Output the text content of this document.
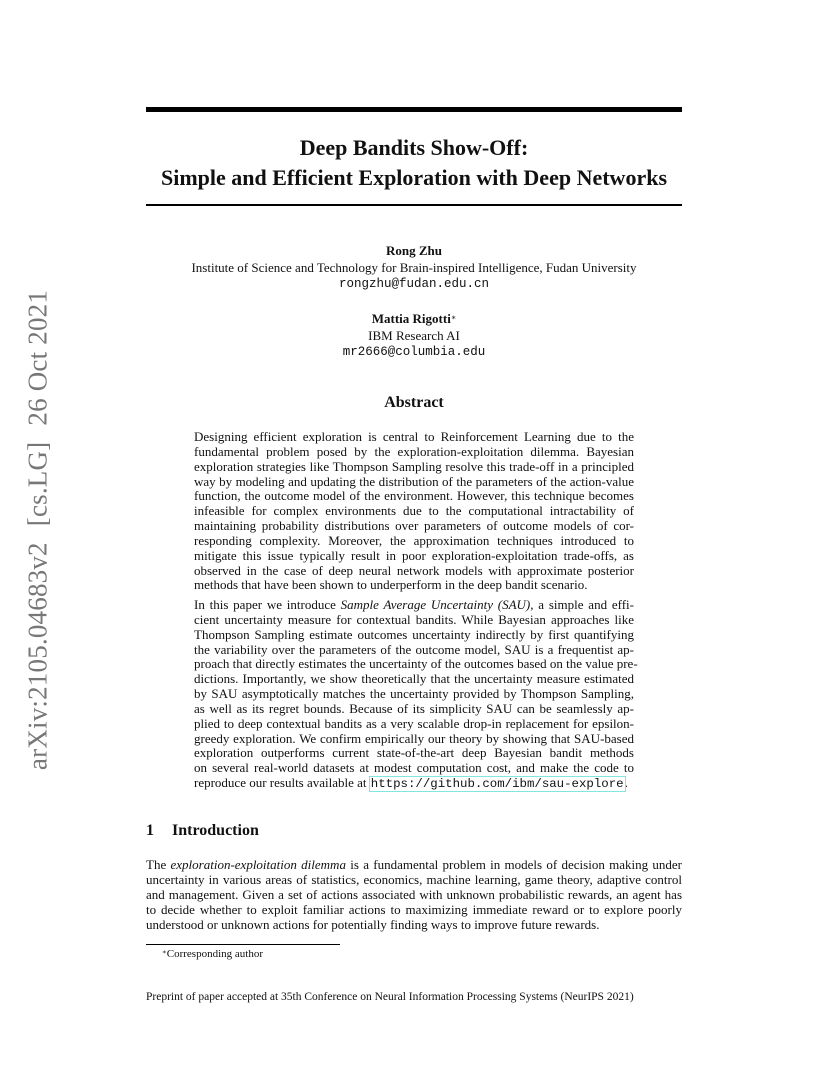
arXiv:2105.04683v2[cs.LG]26 Oct 2021
Deep Bandits Show-Off:
Simple and Efficient Exploration with Deep Networks
Rong Zhu
Institute of Science and Technology for Brain-inspired Intelligence, Fudan University
rongzhu@fudan.edu.cn
Mattia Rigotti∗
IBM Research AI
mr2666@columbia.edu
Abstract
Designing efficient exploration is central to Reinforcement Learning due to the
fundamental problem posed by the exploration-exploitation dilemma. Bayesian
exploration strategies like Thompson Sampling resolve this trade-off in a principled
way by modeling and updating the distribution of the parameters of the action-value
function, the outcome model of the environment. However, this technique becomes
infeasible for complex environments due to the computational intractability of
maintaining probability distributions over parameters of outcome models of cor-
responding complexity. Moreover, the approximation techniques introduced to
mitigate this issue typically result in poor exploration-exploitation trade-offs, as
observed in the case of deep neural network models with approximate posterior
methods that have been shown to underperform in the deep bandit scenario.
In this paper we introduce Sample Average Uncertainty (SAU), a simple and effi-
cient uncertainty measure for contextual bandits. While Bayesian approaches like
Thompson Sampling estimate outcomes uncertainty indirectly by first quantifying
the variability over the parameters of the outcome model, SAU is a frequentist ap-
proach that directly estimates the uncertainty of the outcomes based on the value pre-
dictions. Importantly, we show theoretically that the uncertainty measure estimated
by SAU asymptotically matches the uncertainty provided by Thompson Sampling,
as well as its regret bounds. Because of its simplicity SAU can be seamlessly ap-
plied to deep contextual bandits as a very scalable drop-in replacement for epsilon-
greedy exploration. We confirm empirically our theory by showing that SAU-based
exploration outperforms current state-of-the-art deep Bayesian bandit methods
on several real-world datasets at modest computation cost, and make the code to
reproduce our results available at https://github.com/ibm/sau-explore.
1 Introduction
The exploration-exploitation dilemma is a fundamental problem in models of decision making under
uncertainty in various areas of statistics, economics, machine learning, game theory, adaptive control
and management. Given a set of actions associated with unknown probabilistic rewards, an agent has
to decide whether to exploit familiar actions to maximizing immediate reward or to explore poorly
understood or unknown actions for potentially finding ways to improve future rewards.
∗Corresponding author
Preprint of paper accepted at 35th Conference on Neural Information Processing Systems (NeurIPS 2021)
